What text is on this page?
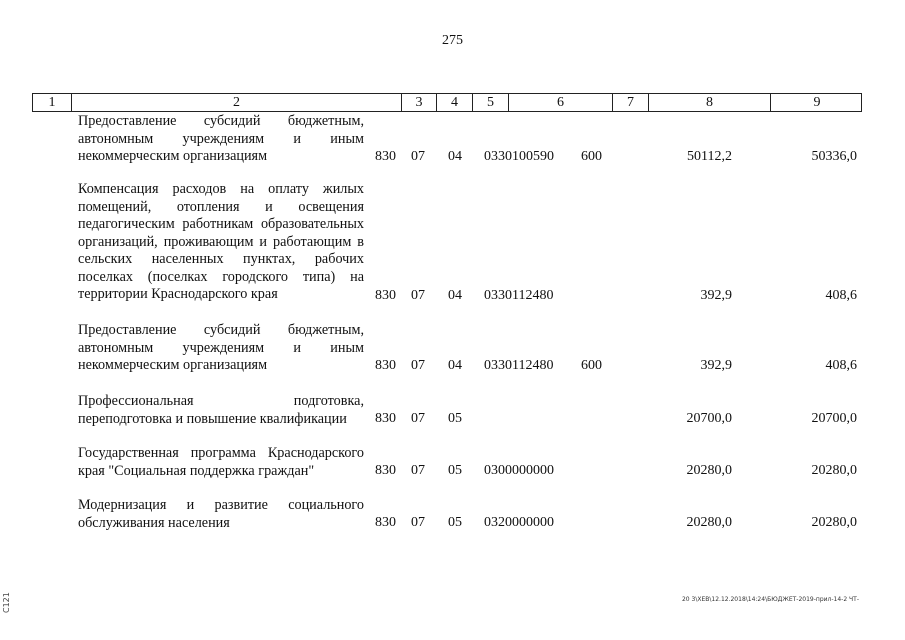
275
1	2	3	4	5	6	7	8	9
Предоставление субсидий бюджетным, автономным учреждениям и иным некоммерческим организациям	830 07 04 0330100590 600	50112,2	50336,0
Компенсация расходов на оплату жилых помещений, отопления и освещения педагогическим работникам образовательных организаций, проживающим и работающим в сельских населенных пунктах, рабочих поселках (поселках городского типа) на территории Краснодарского края	830 07 04 0330112480	392,9	408,6
Предоставление субсидий бюджетным, автономным учреждениям и иным некоммерческим организациям	830 07 04 0330112480 600	392,9	408,6
Профессиональная подготовка, переподготовка и повышение квалификации	830 07 05	20700,0	20700,0
Государственная программа Краснодарского края "Социальная поддержка граждан"	830 07 05 0300000000	20280,0	20280,0
Модернизация и развитие социального обслуживания населения	830 07 05 0320000000	20280,0	20280,0
20 3\ХЕВ\12.12.2018\14:24\БЮДЖЕТ-2019-прил-14-2 ЧТ-
С121
